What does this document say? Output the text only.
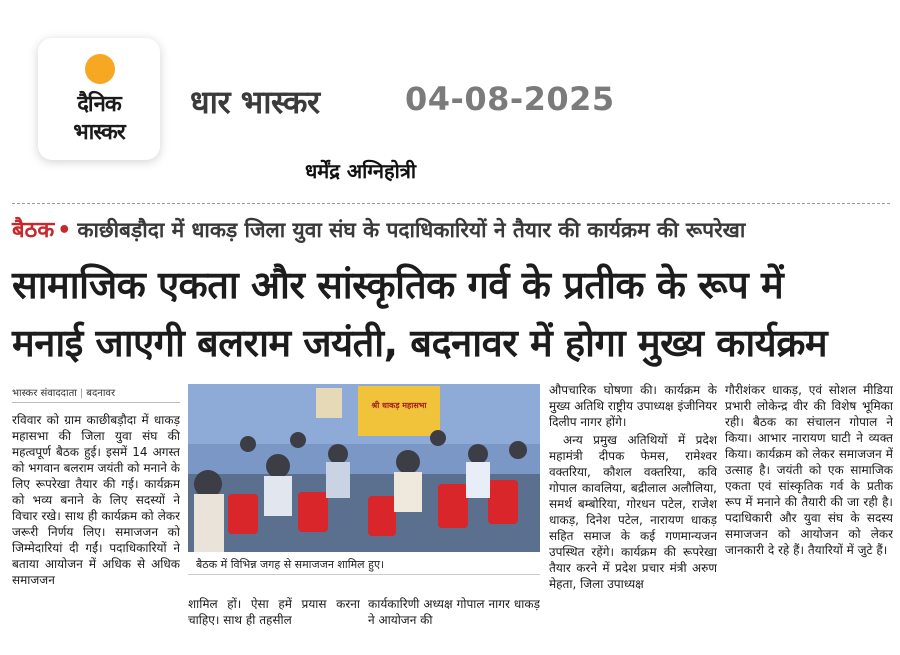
दैनिक
भास्कर
धार भास्कर	04-08-2025
धर्मेंद्र अग्निहोत्री
बैठक • काछीबड़ौदा में धाकड़ जिला युवा संघ के पदाधिकारियों ने तैयार की कार्यक्रम की रूपरेखा
सामाजिक एकता और सांस्कृतिक गर्व के प्रतीक के रूप में
मनाई जाएगी बलराम जयंती, बदनावर में होगा मुख्य कार्यक्रम
भास्कर संवाददाता | बदनावर
रविवार को ग्राम काछीबड़ौदा में धाकड़ महासभा की जिला युवा संघ की महत्वपूर्ण बैठक हुई। इसमें 14 अगस्त को भगवान बलराम जयंती को मनाने के लिए रूपरेखा तैयार की गई। कार्यक्रम को भव्य बनाने के लिए सदस्यों ने विचार रखे। साथ ही कार्यक्रम को लेकर जरूरी निर्णय लिए। समाजजन को जिम्मेदारियां दी गईं। पदाधिकारियों ने बताया आयोजन में अधिक से अधिक समाजजन
श्री धाकड़ महासभा
बैठक में विभिन्न जगह से समाजजन शामिल हुए।
शामिल हों। ऐसा हमें प्रयास करना चाहिए। साथ ही तहसील
कार्यकारिणी अध्यक्ष गोपाल नागर धाकड़ ने आयोजन की
औपचारिक घोषणा की। कार्यक्रम के मुख्य अतिथि राष्ट्रीय उपाध्यक्ष इंजीनियर दिलीप नागर होंगे।
अन्य प्रमुख अतिथियों में प्रदेश महामंत्री दीपक फेमस, रामेश्वर वक्तरिया, कौशल वक्तरिया, कवि गोपाल कावलिया, बद्रीलाल अलौलिया, समर्थ बम्बोरिया, गोरधन पटेल, राजेश धाकड़, दिनेश पटेल, नारायण धाकड़ सहित समाज के कई गणमान्यजन उपस्थित रहेंगे। कार्यक्रम की रूपरेखा तैयार करने में प्रदेश प्रचार मंत्री अरुण मेहता, जिला उपाध्यक्ष
गौरीशंकर धाकड़, एवं सोशल मीडिया प्रभारी लोकेन्द्र वीर की विशेष भूमिका रही। बैठक का संचालन गोपाल ने किया। आभार नारायण घाटी ने व्यक्त किया। कार्यक्रम को लेकर समाजजन में उत्साह है। जयंती को एक सामाजिक एकता एवं सांस्कृतिक गर्व के प्रतीक रूप में मनाने की तैयारी की जा रही है। पदाधिकारी और युवा संघ के सदस्य समाजजन को आयोजन को लेकर जानकारी दे रहे हैं। तैयारियों में जुटे हैं।
